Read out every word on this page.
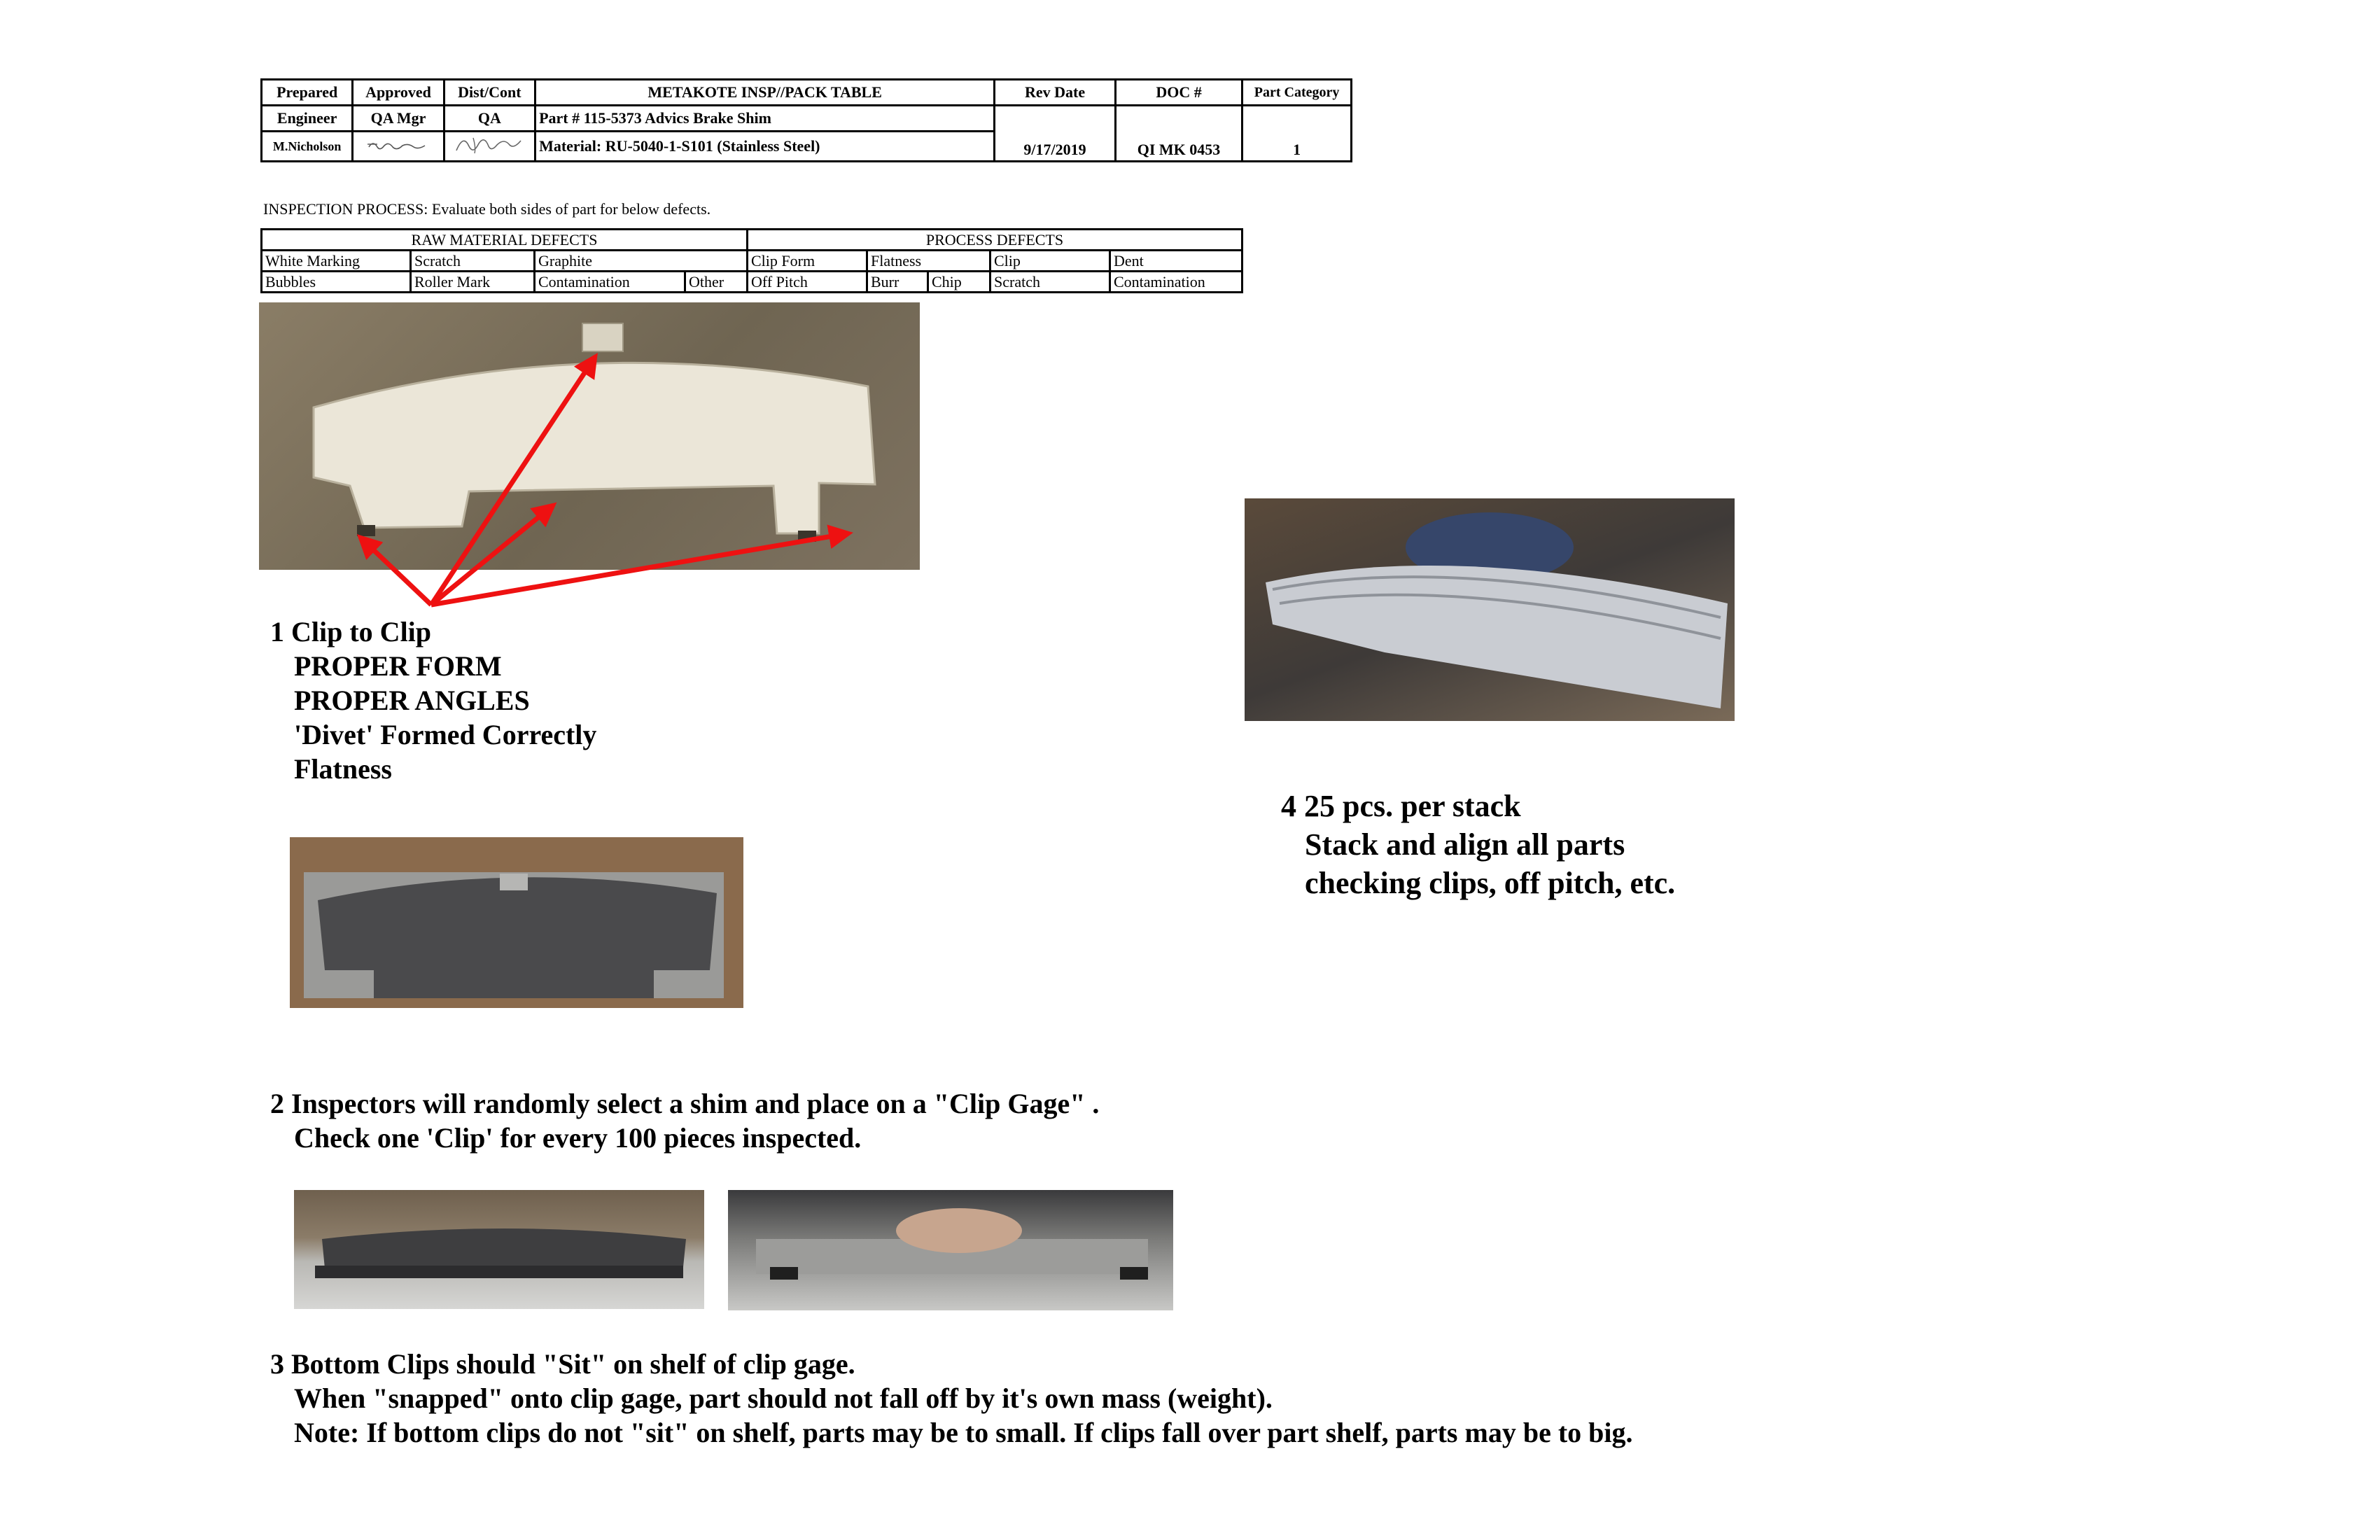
Prepared	Approved	Dist/Cont	METAKOTE INSP//PACK TABLE	Rev Date	DOC #	Part Category
Engineer	QA Mgr	QA	Part # 115-5373 Advics Brake Shim	9/17/2019	QI MK 0453	1
M.Nicholson			Material: RU-5040-1-S101 (Stainless Steel)			
INSPECTION PROCESS: Evaluate both sides of part for below defects.
RAW MATERIAL DEFECTS				PROCESS DEFECTS				
White Marking	Scratch	Graphite		Clip Form	Flatness		Clip	Dent
Bubbles	Roller Mark	Contamination	Other	Off Pitch	Burr	Chip	Scratch	Contamination
1 Clip to Clip
PROPER FORM
PROPER ANGLES
'Divet' Formed Correctly
Flatness
2 Inspectors will randomly select a shim and place on a "Clip Gage" .
Check one 'Clip' for every 100 pieces inspected.
3 Bottom Clips should "Sit" on shelf of clip gage.
When "snapped" onto clip gage, part should not fall off by it's own mass (weight).
Note: If bottom clips do not "sit" on shelf, parts may be to small. If clips fall over part shelf, parts may be to big.
4 25 pcs. per stack
Stack and align all parts
checking clips, off pitch, etc.
